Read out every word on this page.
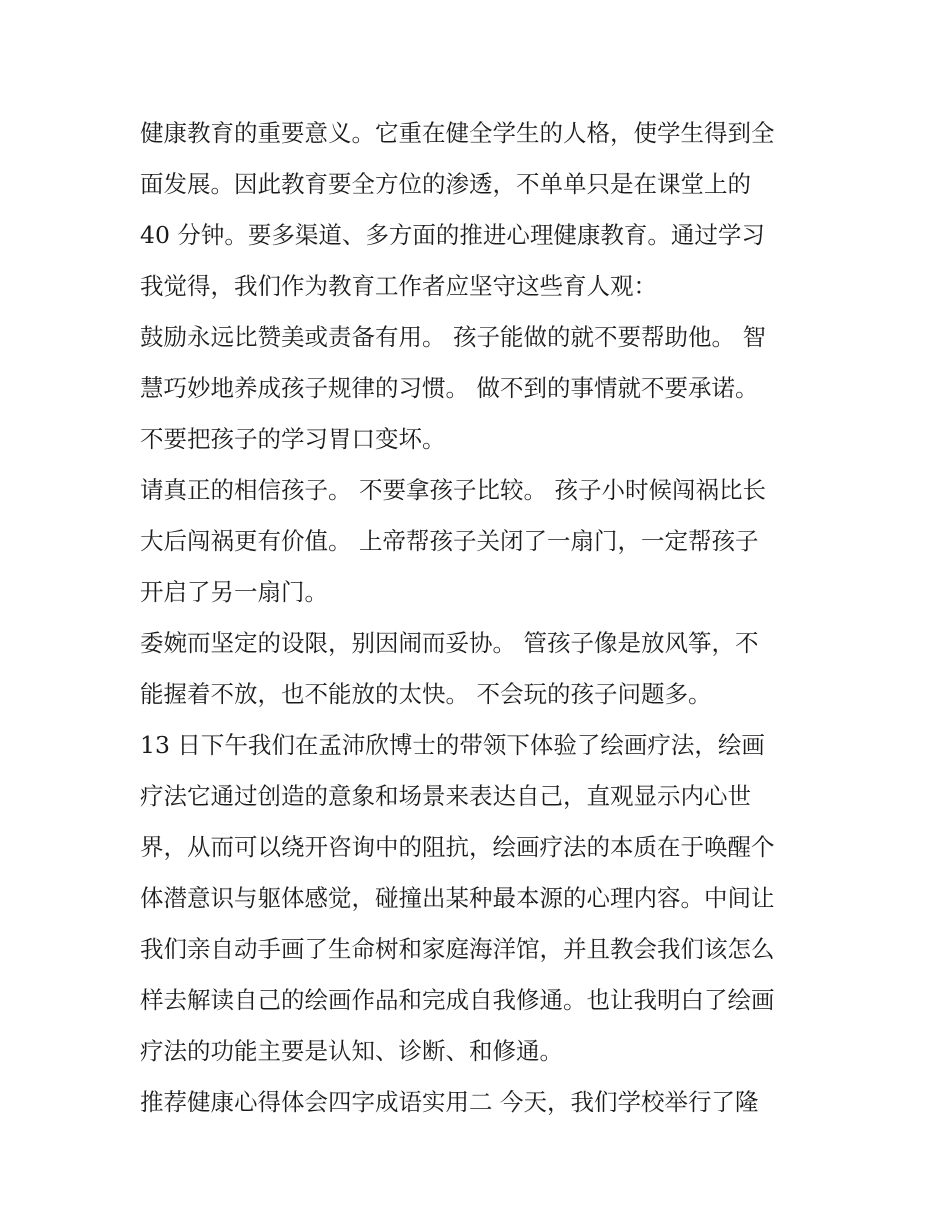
健康教育的重要意义。它重在健全学生的人格，使学生得到全
面发展。因此教育要全方位的渗透，不单单只是在课堂上的
40 分钟。要多渠道、多方面的推进心理健康教育。通过学习
我觉得，我们作为教育工作者应坚守这些育人观：
鼓励永远比赞美或责备有用。 孩子能做的就不要帮助他。 智
慧巧妙地养成孩子规律的习惯。 做不到的事情就不要承诺。
不要把孩子的学习胃口变坏。
请真正的相信孩子。 不要拿孩子比较。 孩子小时候闯祸比长
大后闯祸更有价值。 上帝帮孩子关闭了一扇门，一定帮孩子
开启了另一扇门。
委婉而坚定的设限，别因闹而妥协。 管孩子像是放风筝，不
能握着不放，也不能放的太快。 不会玩的孩子问题多。
13 日下午我们在孟沛欣博士的带领下体验了绘画疗法，绘画
疗法它通过创造的意象和场景来表达自己，直观显示内心世
界，从而可以绕开咨询中的阻抗，绘画疗法的本质在于唤醒个
体潜意识与躯体感觉，碰撞出某种最本源的心理内容。中间让
我们亲自动手画了生命树和家庭海洋馆，并且教会我们该怎么
样去解读自己的绘画作品和完成自我修通。也让我明白了绘画
疗法的功能主要是认知、诊断、和修通。
推荐健康心得体会四字成语实用二 今天，我们学校举行了隆
